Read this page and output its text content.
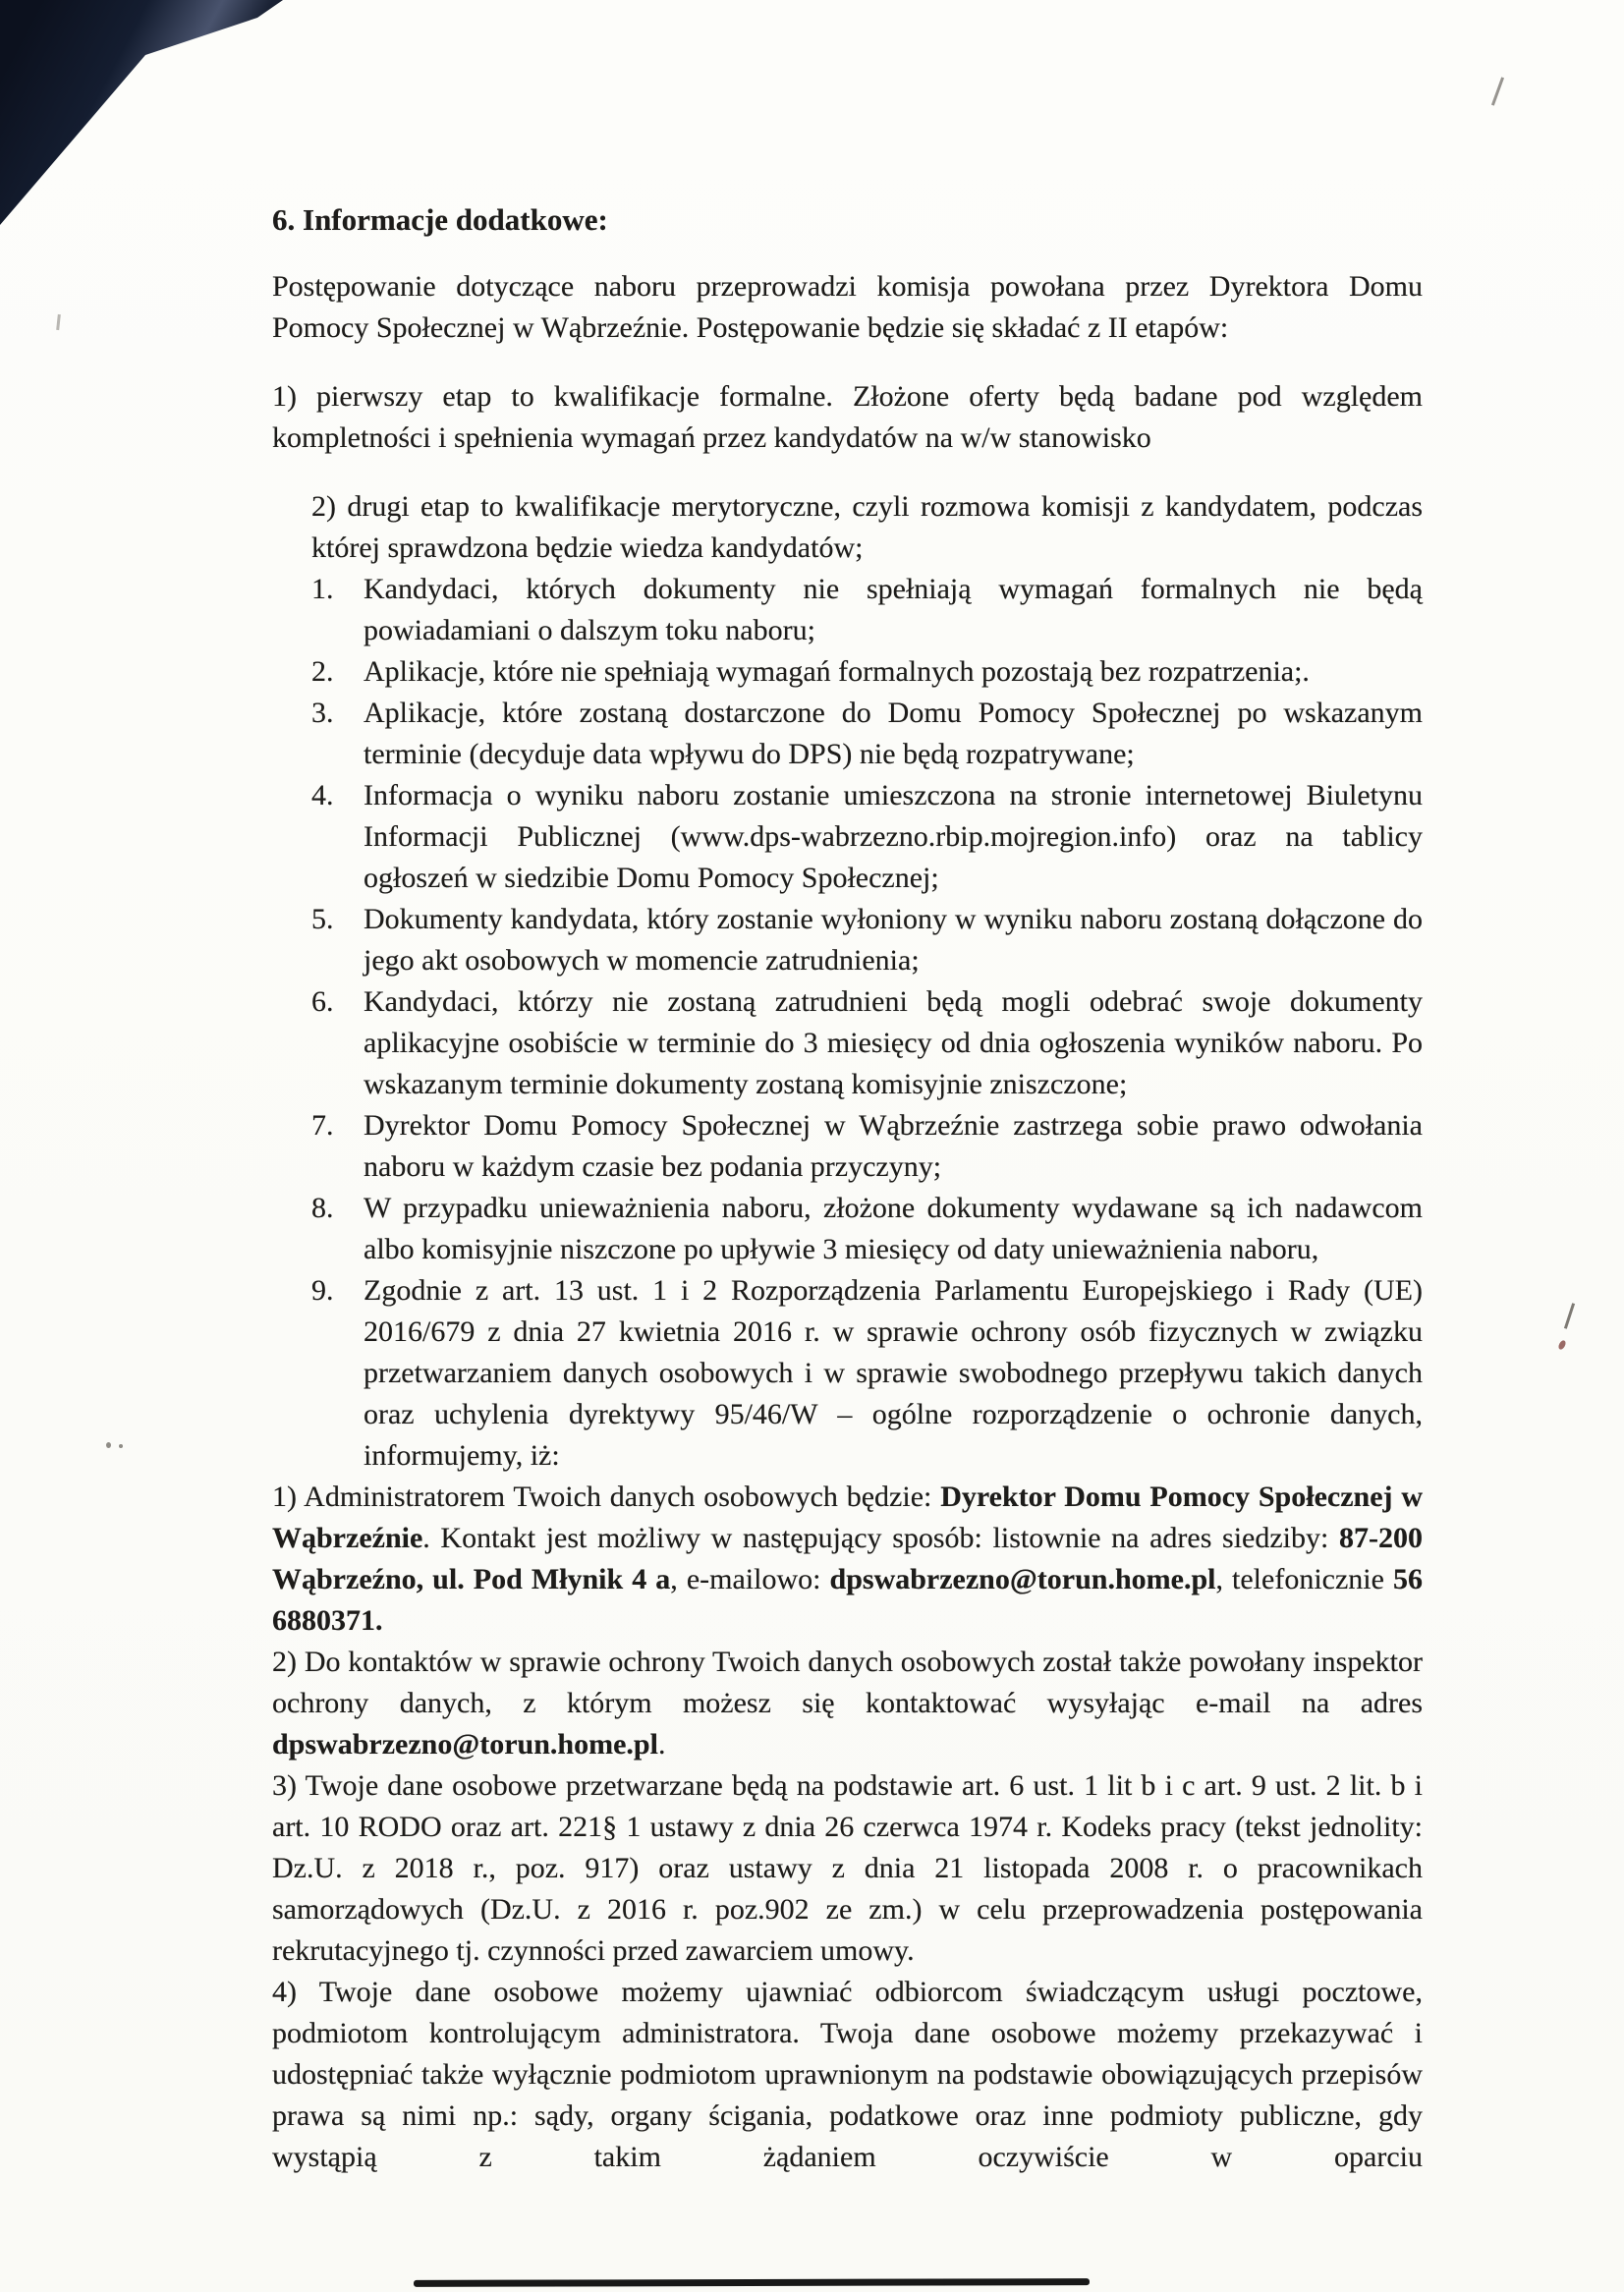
6. Informacje dodatkowe:

Postępowanie dotyczące naboru przeprowadzi komisja powołana przez Dyrektora Domu Pomocy Społecznej w Wąbrzeźnie. Postępowanie będzie się składać z II etapów:

1) pierwszy etap to kwalifikacje formalne. Złożone oferty będą badane pod względem kompletności i spełnienia wymagań przez kandydatów na w/w stanowisko

2) drugi etap to kwalifikacje merytoryczne, czyli rozmowa komisji z kandydatem, podczas której sprawdzona będzie wiedza kandydatów;

1.	Kandydaci, których dokumenty nie spełniają wymagań formalnych nie będą powiadamiani o dalszym toku naboru;
2.	Aplikacje, które nie spełniają wymagań formalnych pozostają bez rozpatrzenia;.
3.	Aplikacje, które zostaną dostarczone do Domu Pomocy Społecznej po wskazanym terminie (decyduje data wpływu do DPS) nie będą rozpatrywane;
4.	Informacja o wyniku naboru zostanie umieszczona na stronie internetowej Biuletynu Informacji Publicznej (www.dps-wabrzezno.rbip.mojregion.info) oraz na tablicy ogłoszeń w siedzibie Domu Pomocy Społecznej;
5.	Dokumenty kandydata, który zostanie wyłoniony w wyniku naboru zostaną dołączone do jego akt osobowych w momencie zatrudnienia;
6.	Kandydaci, którzy nie zostaną zatrudnieni będą mogli odebrać swoje dokumenty aplikacyjne osobiście w terminie do 3 miesięcy od dnia ogłoszenia wyników naboru. Po wskazanym terminie dokumenty zostaną komisyjnie zniszczone;
7.	Dyrektor Domu Pomocy Społecznej w Wąbrzeźnie zastrzega sobie prawo odwołania naboru w każdym czasie bez podania przyczyny;
8.	W przypadku unieważnienia naboru, złożone dokumenty wydawane są ich nadawcom albo komisyjnie niszczone po upływie 3 miesięcy od daty unieważnienia naboru,
9.	Zgodnie z art. 13 ust. 1 i 2 Rozporządzenia Parlamentu Europejskiego i Rady (UE) 2016/679 z dnia 27 kwietnia 2016 r. w sprawie ochrony osób fizycznych w związku przetwarzaniem danych osobowych i w sprawie swobodnego przepływu takich danych oraz uchylenia dyrektywy 95/46/W – ogólne rozporządzenie o ochronie danych, informujemy, iż:

1) Administratorem Twoich danych osobowych będzie: Dyrektor Domu Pomocy Społecznej w Wąbrzeźnie. Kontakt jest możliwy w następujący sposób: listownie na adres siedziby: 87-200 Wąbrzeźno, ul. Pod Młynik 4 a, e-mailowo: dpswabrzezno@torun.home.pl, telefonicznie 56 6880371.

2) Do kontaktów w sprawie ochrony Twoich danych osobowych został także powołany inspektor ochrony danych, z którym możesz się kontaktować wysyłając e-mail na adres dpswabrzezno@torun.home.pl.

3) Twoje dane osobowe przetwarzane będą na podstawie art. 6 ust. 1 lit b i c art. 9 ust. 2 lit. b i art. 10 RODO oraz art. 221§ 1 ustawy z dnia 26 czerwca 1974 r. Kodeks pracy (tekst jednolity: Dz.U. z 2018 r., poz. 917) oraz ustawy z dnia 21 listopada 2008 r. o pracownikach samorządowych (Dz.U. z 2016 r. poz.902 ze zm.) w celu przeprowadzenia postępowania rekrutacyjnego tj. czynności przed zawarciem umowy.

4) Twoje dane osobowe możemy ujawniać odbiorcom świadczącym usługi pocztowe, podmiotom kontrolującym administratora. Twoja dane osobowe możemy przekazywać i udostępniać także wyłącznie podmiotom uprawnionym na podstawie obowiązujących przepisów prawa są nimi np.: sądy, organy ścigania, podatkowe oraz inne podmioty publiczne, gdy wystąpią z takim żądaniem oczywiście w oparciu
